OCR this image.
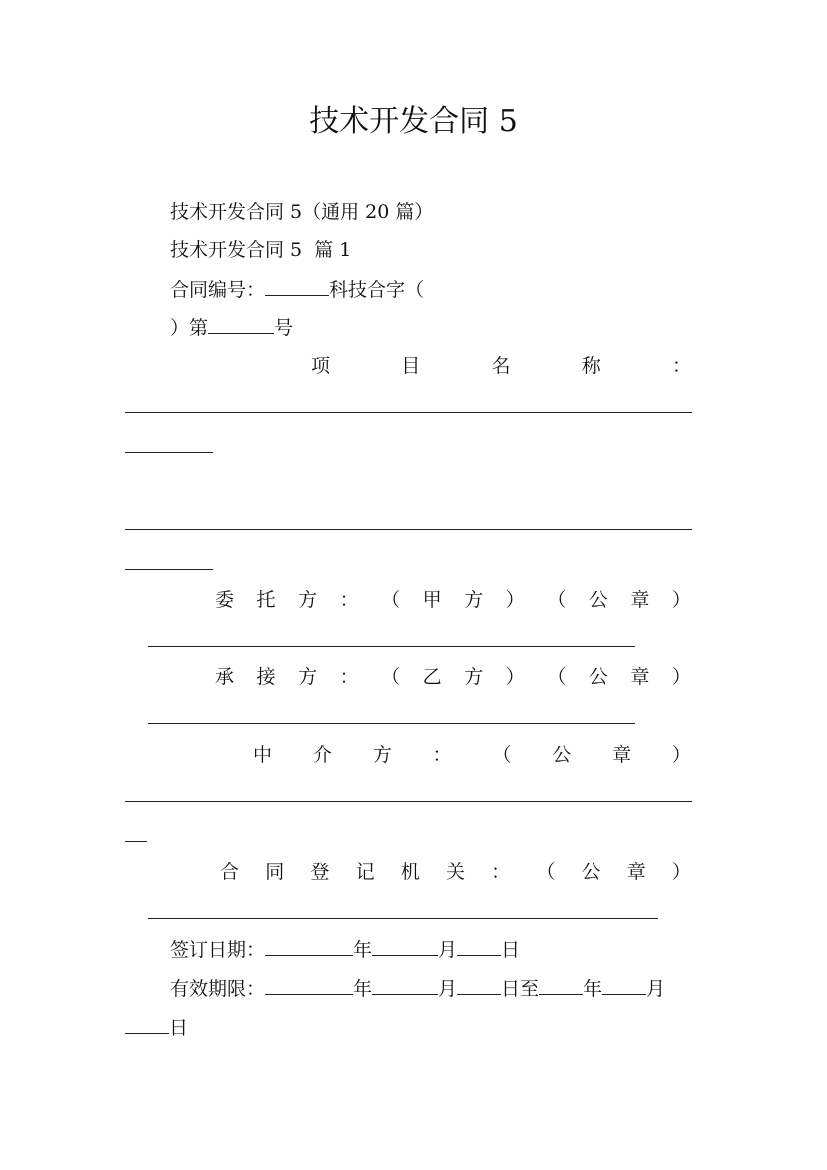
技术开发合同 5
技术开发合同 5（通用 20 篇）
技术开发合同 5  篇 1
合同编号：	科技合字（
）第	号
项	目	名	称	：
委 托 方 ： （ 甲 方 ） （ 公 章 ）
承 接 方 ： （ 乙 方 ） （ 公 章 ）
中 介 方 ： （ 公 章 ）
合 同 登 记 机 关 ： （ 公 章 ）
签订日期：	年	月 日
有效期限：	年	月 日至 年 月
日
